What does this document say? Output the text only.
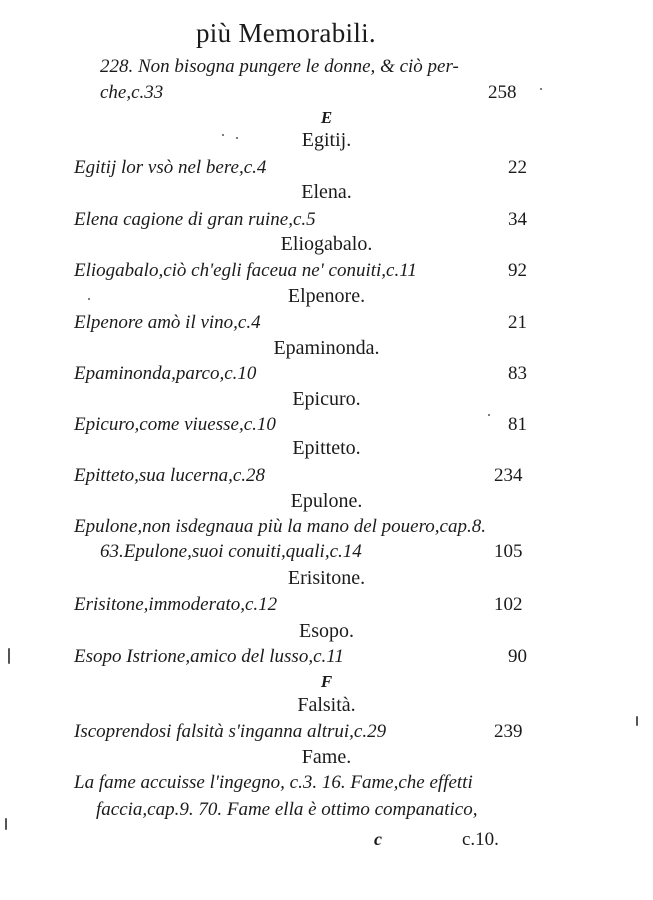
più Memorabili.
228. Non bisogna pungere le donne, & ciò per-
che,c.33	258
E
Egitij.
Egitij lor vsò nel bere,c.4	22
Elena.
Elena cagione di gran ruine,c.5	34
Eliogabalo.
Eliogabalo,ciò ch'egli faceua ne' conuiti,c.11	92
Elpenore.
Elpenore amò il vino,c.4	21
Epaminonda.
Epaminonda,parco,c.10	83
Epicuro.
Epicuro,come viuesse,c.10	81
Epitteto.
Epitteto,sua lucerna,c.28	234
Epulone.
Epulone,non isdegnaua più la mano del pouero,cap.8.
63.Epulone,suoi conuiti,quali,c.14	105
Erisitone.
Erisitone,immoderato,c.12	102
Esopo.
Esopo Istrione,amico del lusso,c.11	90
F
Falsità.
Iscoprendosi falsità s'inganna altrui,c.29	239
Fame.
La fame accuisse l'ingegno, c.3. 16. Fame,che effetti
faccia,cap.9. 70. Fame ella è ottimo companatico,
c	c.10.
